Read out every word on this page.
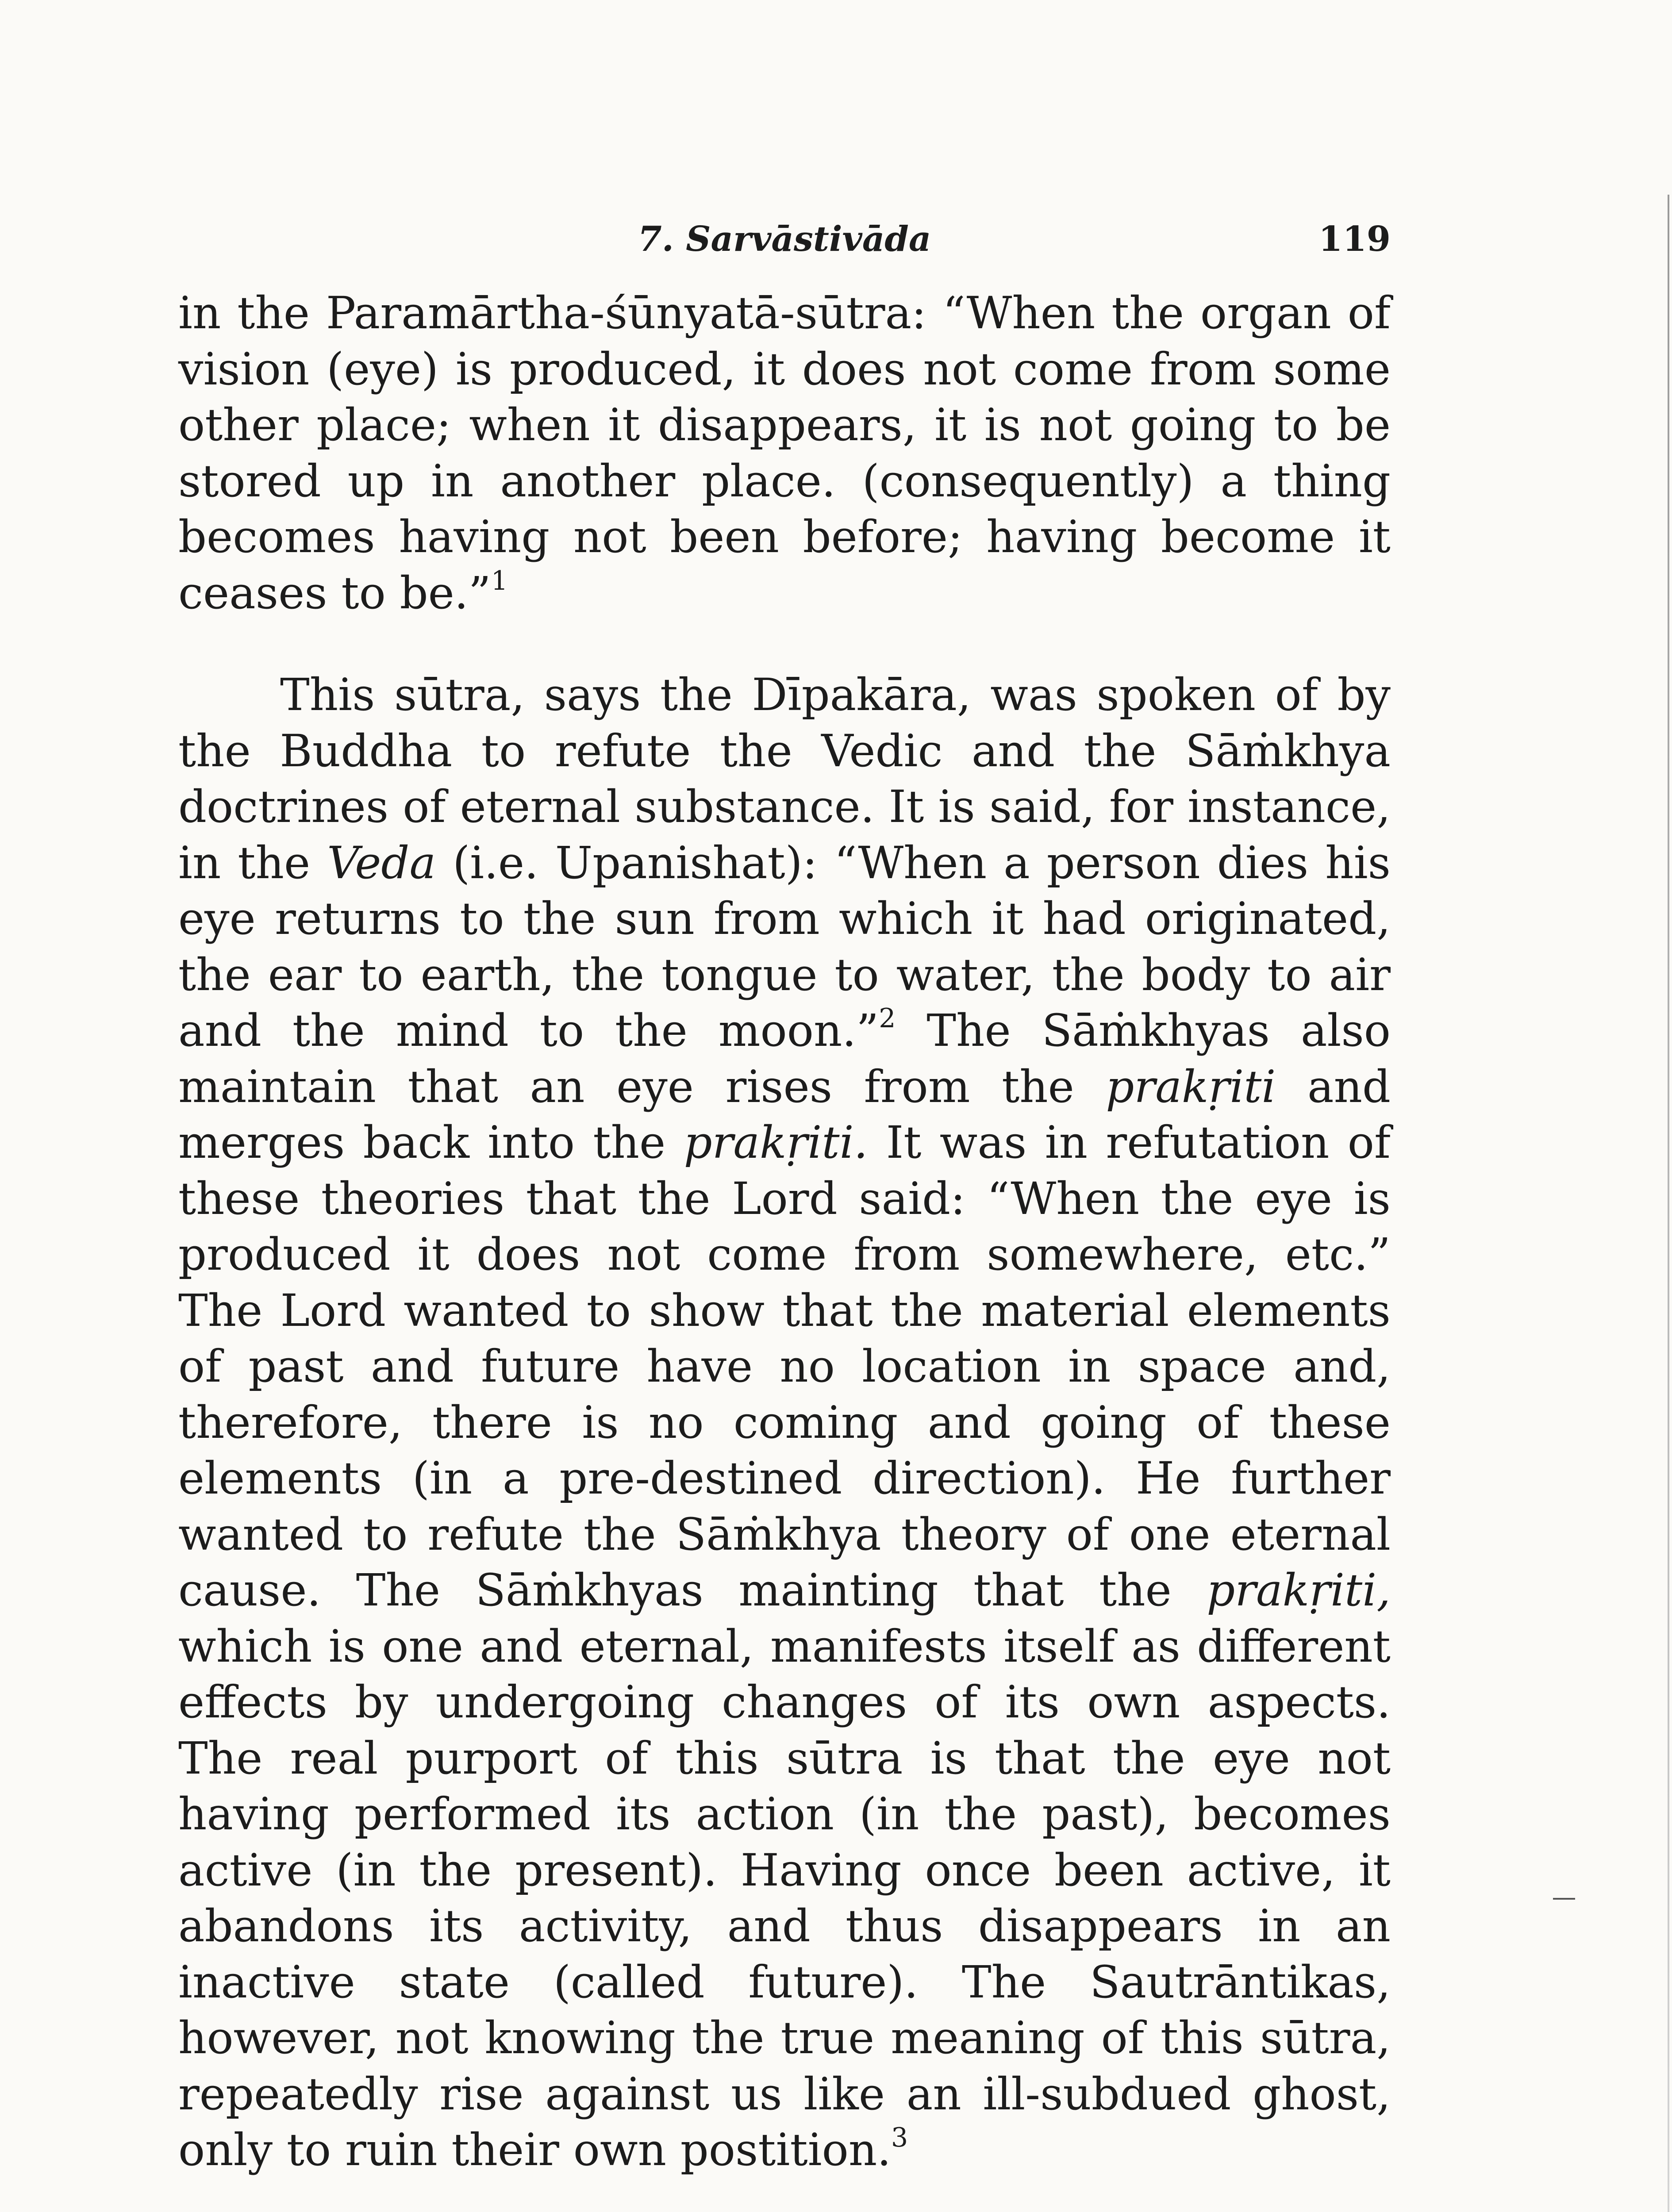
7. Sarvāstivāda	119

in the Paramārtha-śūnyatā-sūtra: “When the organ of vision (eye) is produced, it does not come from some other place; when it disappears, it is not going to be stored up in another place. (consequently) a thing becomes having not been before; having become it ceases to be.”$^1$

This sūtra, says the Dīpakāra, was spoken of by the Buddha to refute the Vedic and the Sāṁkhya doctrines of eternal substance. It is said, for instance, in the Veda (i.e. Upanishat): “When a person dies his eye returns to the sun from which it had originated, the ear to earth, the tongue to water, the body to air and the mind to the moon.”$^2$ The Sāṁkhyas also maintain that an eye rises from the prakṛiti and merges back into the prakṛiti. It was in refutation of these theories that the Lord said: “When the eye is produced it does not come from somewhere, etc.” The Lord wanted to show that the material elements of past and future have no location in space and, therefore, there is no coming and going of these elements (in a pre-destined direction). He further wanted to refute the Sāṁkhya theory of one eternal cause. The Sāṁkhyas mainting that the prakṛiti, which is one and eternal, manifests itself as different effects by undergoing changes of its own aspects. The real purport of this sūtra is that the eye not having performed its action (in the past), becomes active (in the present). Having once been active, it abandons its activity, and thus disappears in an inactive state (called future). The Sautrāntikas, however, not knowing the true meaning of this sūtra, repeatedly rise against us like an ill-subdued ghost, only to ruin their own postition.$^3$
